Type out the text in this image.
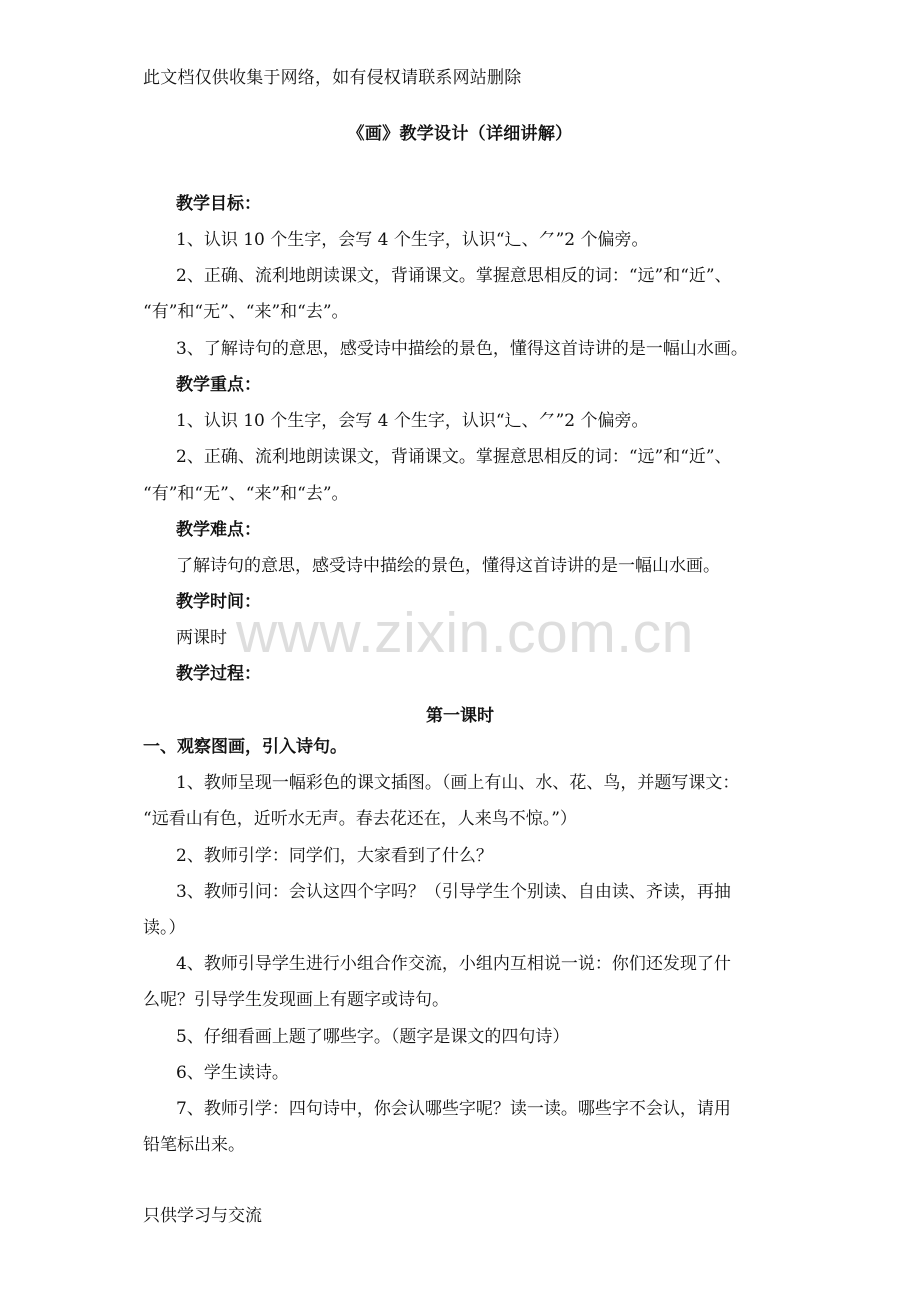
此文档仅供收集于网络，如有侵权请联系网站删除
《画》教学设计（详细讲解）
教学目标：
1、认识 10 个生字，会写 4 个生字，认识“辶、⺈”2 个偏旁。
2、正确、流利地朗读课文，背诵课文。掌握意思相反的词：“远”和“近”、
“有”和“无”、“来”和“去”。
3、了解诗句的意思，感受诗中描绘的景色，懂得这首诗讲的是一幅山水画。
教学重点：
1、认识 10 个生字，会写 4 个生字，认识“辶、⺈”2 个偏旁。
2、正确、流利地朗读课文，背诵课文。掌握意思相反的词：“远”和“近”、
“有”和“无”、“来”和“去”。
教学难点：
了解诗句的意思，感受诗中描绘的景色，懂得这首诗讲的是一幅山水画。
教学时间：
两课时
教学过程：
第一课时
一、观察图画，引入诗句。
1、教师呈现一幅彩色的课文插图。（画上有山、水、花、鸟，并题写课文：
“远看山有色，近听水无声。春去花还在，人来鸟不惊。”）
2、教师引学：同学们，大家看到了什么？
3、教师引问：会认这四个字吗？（引导学生个别读、自由读、齐读，再抽
读。）
4、教师引导学生进行小组合作交流，小组内互相说一说：你们还发现了什
么呢？引导学生发现画上有题字或诗句。
5、仔细看画上题了哪些字。（题字是课文的四句诗）
6、学生读诗。
7、教师引学：四句诗中，你会认哪些字呢？读一读。哪些字不会认，请用
铅笔标出来。
www.zixin.com.cn
只供学习与交流
